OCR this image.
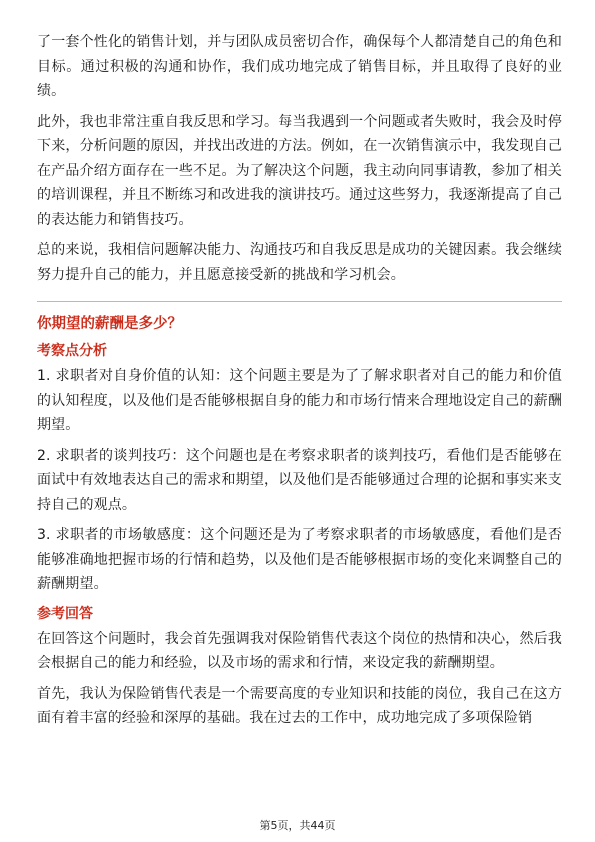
了一套个性化的销售计划，并与团队成员密切合作，确保每个人都清楚自己的角色和目标。通过积极的沟通和协作，我们成功地完成了销售目标，并且取得了良好的业绩。

此外，我也非常注重自我反思和学习。每当我遇到一个问题或者失败时，我会及时停下来，分析问题的原因，并找出改进的方法。例如，在一次销售演示中，我发现自己在产品介绍方面存在一些不足。为了解决这个问题，我主动向同事请教，参加了相关的培训课程，并且不断练习和改进我的演讲技巧。通过这些努力，我逐渐提高了自己的表达能力和销售技巧。

总的来说，我相信问题解决能力、沟通技巧和自我反思是成功的关键因素。我会继续努力提升自己的能力，并且愿意接受新的挑战和学习机会。

你期望的薪酬是多少？
考察点分析

1. 求职者对自身价值的认知：这个问题主要是为了了解求职者对自己的能力和价值的认知程度，以及他们是否能够根据自身的能力和市场行情来合理地设定自己的薪酬期望。

2. 求职者的谈判技巧：这个问题也是在考察求职者的谈判技巧，看他们是否能够在面试中有效地表达自己的需求和期望，以及他们是否能够通过合理的论据和事实来支持自己的观点。

3. 求职者的市场敏感度：这个问题还是为了考察求职者的市场敏感度，看他们是否能够准确地把握市场的行情和趋势，以及他们是否能够根据市场的变化来调整自己的薪酬期望。

参考回答

在回答这个问题时，我会首先强调我对保险销售代表这个岗位的热情和决心，然后我会根据自己的能力和经验，以及市场的需求和行情，来设定我的薪酬期望。

首先，我认为保险销售代表是一个需要高度的专业知识和技能的岗位，我自己在这方面有着丰富的经验和深厚的基础。我在过去的工作中，成功地完成了多项保险销

第5页，共44页
